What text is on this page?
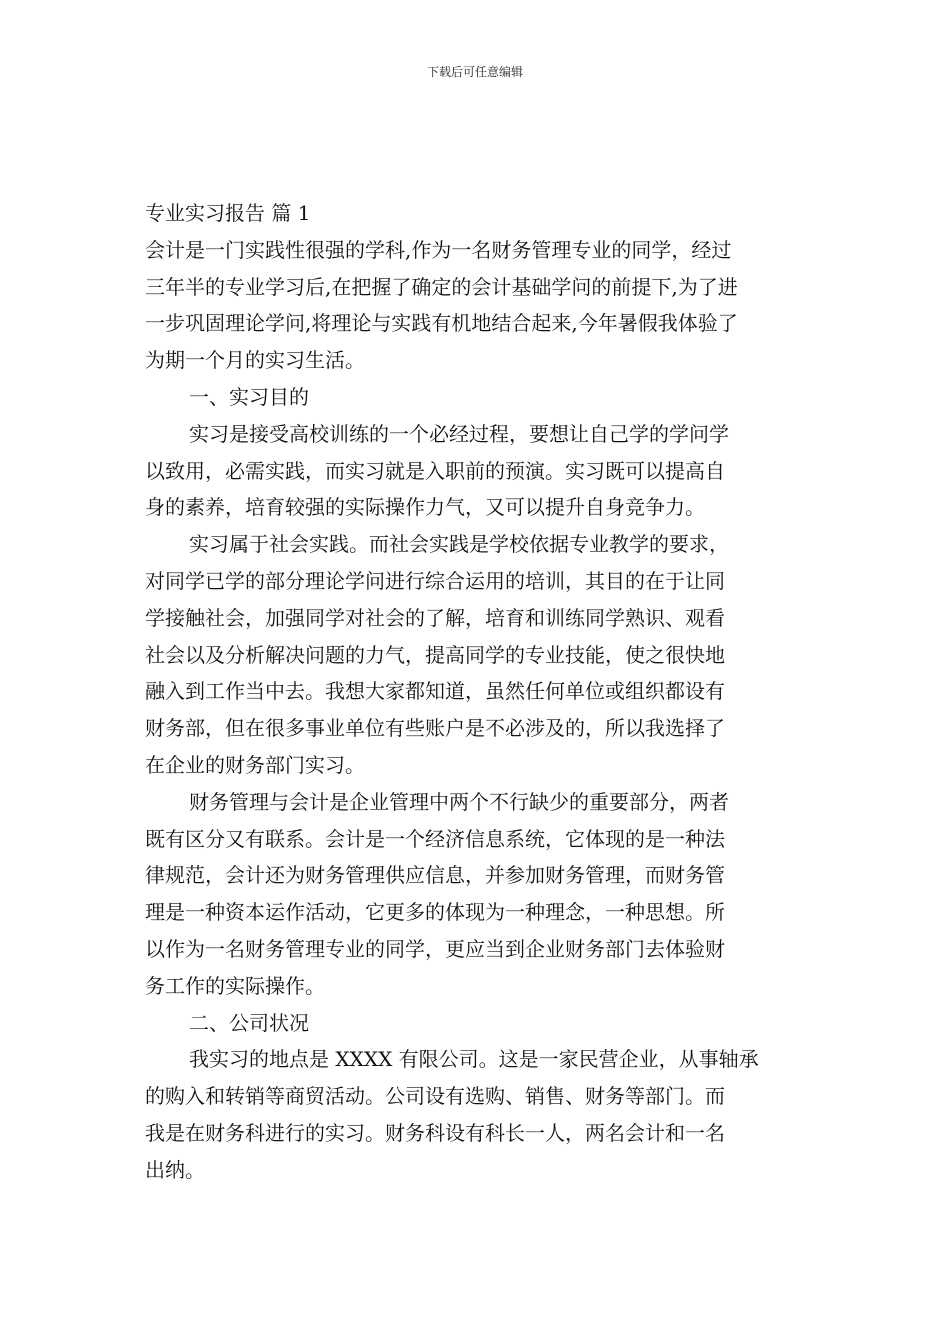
下载后可任意编辑
专业实习报告 篇 1
会计是一门实践性很强的学科,作为一名财务管理专业的同学，经过
三年半的专业学习后,在把握了确定的会计基础学问的前提下,为了进
一步巩固理论学问,将理论与实践有机地结合起来,今年暑假我体验了
为期一个月的实习生活。
一、实习目的
实习是接受高校训练的一个必经过程，要想让自己学的学问学
以致用，必需实践，而实习就是入职前的预演。实习既可以提高自
身的素养，培育较强的实际操作力气，又可以提升自身竞争力。
实习属于社会实践。而社会实践是学校依据专业教学的要求，
对同学已学的部分理论学问进行综合运用的培训，其目的在于让同
学接触社会，加强同学对社会的了解，培育和训练同学熟识、观看
社会以及分析解决问题的力气，提高同学的专业技能，使之很快地
融入到工作当中去。我想大家都知道，虽然任何单位或组织都设有
财务部，但在很多事业单位有些账户是不必涉及的，所以我选择了
在企业的财务部门实习。
财务管理与会计是企业管理中两个不行缺少的重要部分，两者
既有区分又有联系。会计是一个经济信息系统，它体现的是一种法
律规范，会计还为财务管理供应信息，并参加财务管理，而财务管
理是一种资本运作活动，它更多的体现为一种理念，一种思想。所
以作为一名财务管理专业的同学，更应当到企业财务部门去体验财
务工作的实际操作。
二、公司状况
我实习的地点是 XXXX 有限公司。这是一家民营企业，从事轴承
的购入和转销等商贸活动。公司设有选购、销售、财务等部门。而
我是在财务科进行的实习。财务科设有科长一人，两名会计和一名
出纳。
